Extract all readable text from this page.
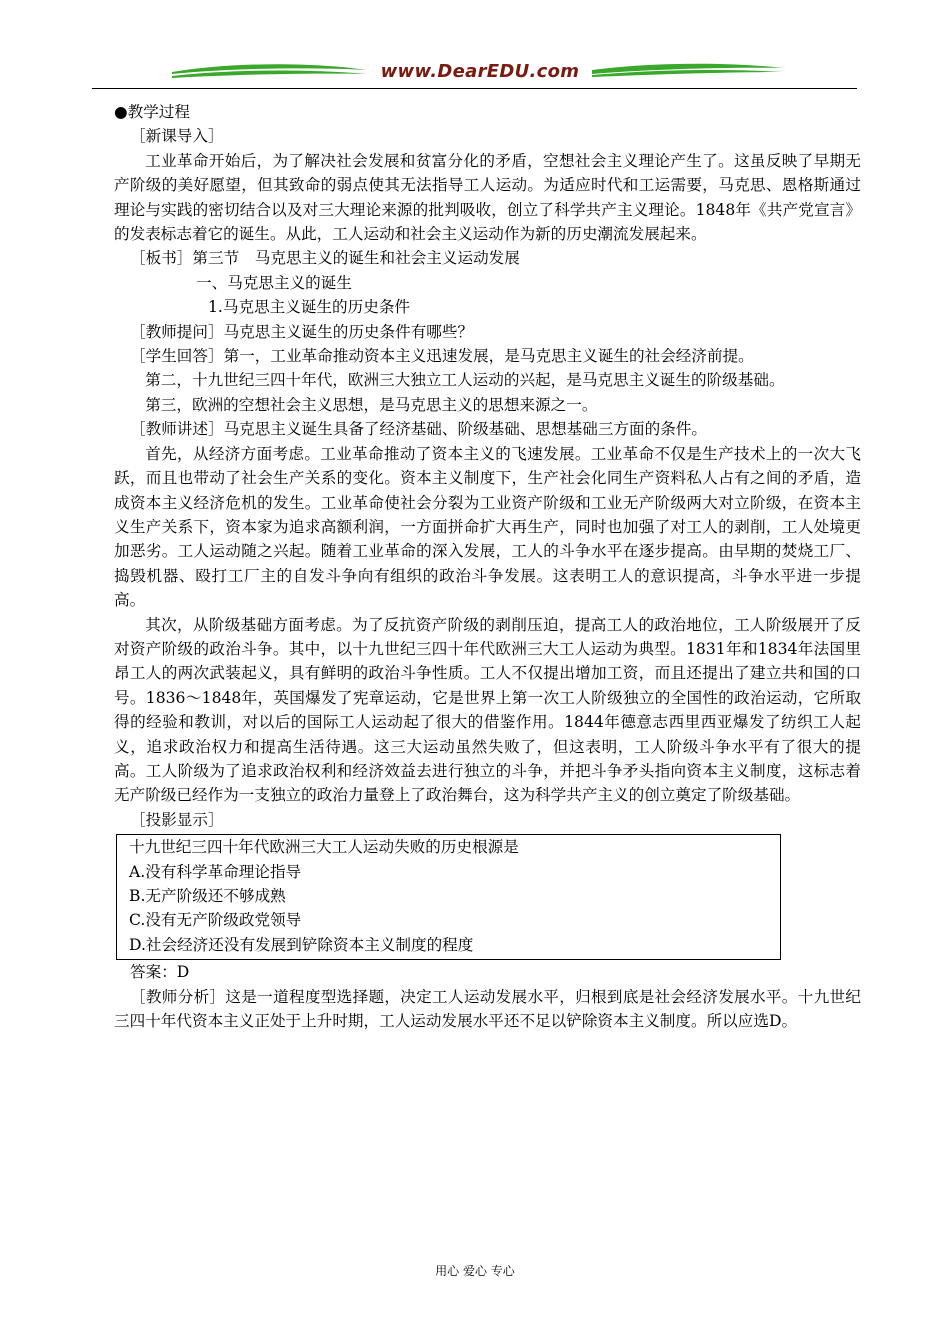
www.DearEDU.com
●教学过程
［新课导入］

工业革命开始后，为了解决社会发展和贫富分化的矛盾，空想社会主义理论产生了。这虽反映了早期无产阶级的美好愿望，但其致命的弱点使其无法指导工人运动。为适应时代和工运需要，马克思、恩格斯通过理论与实践的密切结合以及对三大理论来源的批判吸收，创立了科学共产主义理论。1848年《共产党宣言》的发表标志着它的诞生。从此，工人运动和社会主义运动作为新的历史潮流发展起来。

［板书］第三节　马克思主义的诞生和社会主义运动发展
一、马克思主义的诞生
1.马克思主义诞生的历史条件
［教师提问］马克思主义诞生的历史条件有哪些？
［学生回答］第一，工业革命推动资本主义迅速发展，是马克思主义诞生的社会经济前提。

第二，十九世纪三四十年代，欧洲三大独立工人运动的兴起，是马克思主义诞生的阶级基础。

第三，欧洲的空想社会主义思想，是马克思主义的思想来源之一。

［教师讲述］马克思主义诞生具备了经济基础、阶级基础、思想基础三方面的条件。

首先，从经济方面考虑。工业革命推动了资本主义的飞速发展。工业革命不仅是生产技术上的一次大飞跃，而且也带动了社会生产关系的变化。资本主义制度下，生产社会化同生产资料私人占有之间的矛盾，造成资本主义经济危机的发生。工业革命使社会分裂为工业资产阶级和工业无产阶级两大对立阶级，在资本主义生产关系下，资本家为追求高额利润，一方面拼命扩大再生产，同时也加强了对工人的剥削，工人处境更加恶劣。工人运动随之兴起。随着工业革命的深入发展，工人的斗争水平在逐步提高。由早期的焚烧工厂、捣毁机器、殴打工厂主的自发斗争向有组织的政治斗争发展。这表明工人的意识提高，斗争水平进一步提高。

其次，从阶级基础方面考虑。为了反抗资产阶级的剥削压迫，提高工人的政治地位，工人阶级展开了反对资产阶级的政治斗争。其中，以十九世纪三四十年代欧洲三大工人运动为典型。1831年和1834年法国里昂工人的两次武装起义，具有鲜明的政治斗争性质。工人不仅提出增加工资，而且还提出了建立共和国的口号。1836～1848年，英国爆发了宪章运动，它是世界上第一次工人阶级独立的全国性的政治运动，它所取得的经验和教训，对以后的国际工人运动起了很大的借鉴作用。1844年德意志西里西亚爆发了纺织工人起义，追求政治权力和提高生活待遇。这三大运动虽然失败了，但这表明，工人阶级斗争水平有了很大的提高。工人阶级为了追求政治权利和经济效益去进行独立的斗争，并把斗争矛头指向资本主义制度，这标志着无产阶级已经作为一支独立的政治力量登上了政治舞台，这为科学共产主义的创立奠定了阶级基础。

［投影显示］
十九世纪三四十年代欧洲三大工人运动失败的历史根源是
A.没有科学革命理论指导
B.无产阶级还不够成熟
C.没有无产阶级政党领导
D.社会经济还没有发展到铲除资本主义制度的程度
答案：D

［教师分析］这是一道程度型选择题，决定工人运动发展水平，归根到底是社会经济发展水平。十九世纪三四十年代资本主义正处于上升时期，工人运动发展水平还不足以铲除资本主义制度。所以应选D。

用心 爱心 专心
